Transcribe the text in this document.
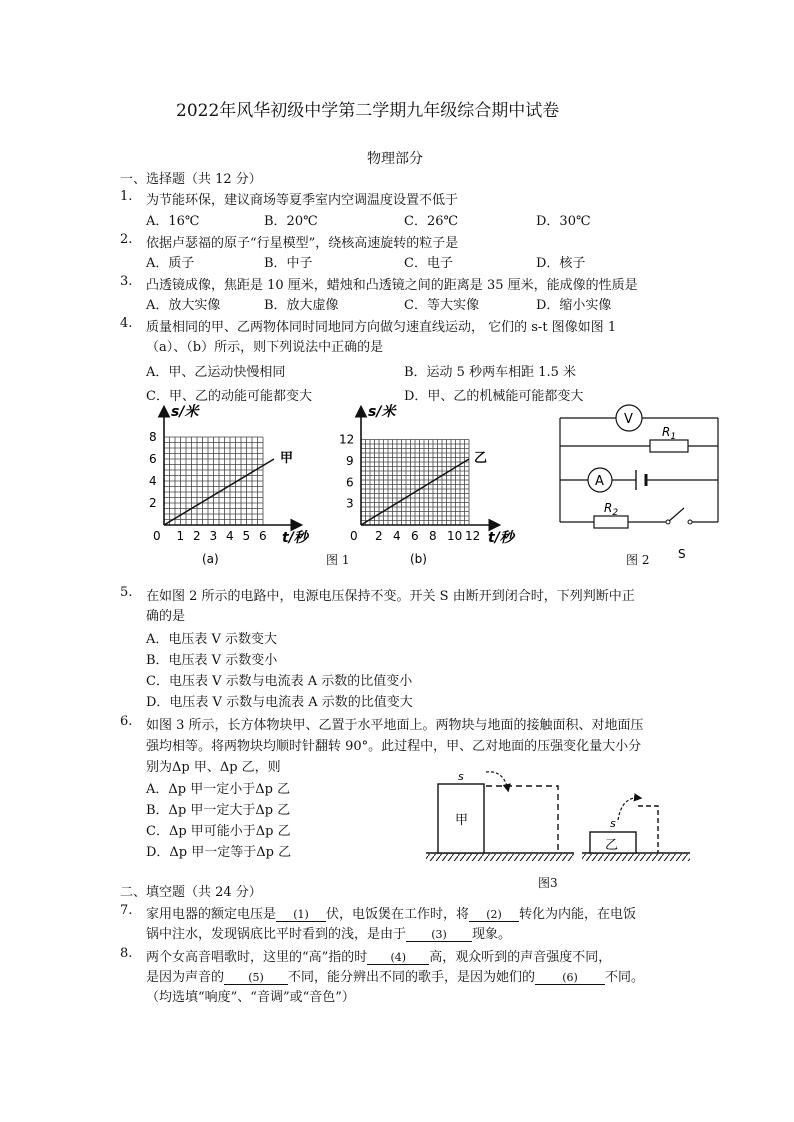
2022年风华初级中学第二学期九年级综合期中试卷
物理部分
一、选择题（共 12 分）
1. 为节能环保，建议商场等夏季室内空调温度设置不低于
A．16℃	B．20℃	C．26℃	D．30℃
2. 依据卢瑟福的原子“行星模型”，绕核高速旋转的粒子是
A．质子	B．中子	C．电子	D．核子
3. 凸透镜成像，焦距是 10 厘米，蜡烛和凸透镜之间的距离是 35 厘米，能成像的性质是
A．放大实像	B．放大虚像	C．等大实像	D．缩小实像
4. 质量相同的甲、乙两物体同时同地同方向做匀速直线运动， 它们的 s-t 图像如图 1
（a）、（b）所示，则下列说法中正确的是
A．甲、乙运动快慢相同	B．运动 5 秒两车相距 1.5 米
C．甲、乙的动能可能都变大	D．甲、乙的机械能可能都变大
s/米
t/秒
甲
0 1 2 3 4 5 6
2
4
6
8
(a)
s/米
t/秒
乙
0 2 4 6 8 10 12
3
6
9
12
(b)
图 1
V
A
$R_1$
$R_2$
S
图 2
5. 在如图 2 所示的电路中，电源电压保持不变。开关 S 由断开到闭合时，下列判断中正
确的是
A．电压表 V 示数变大
B．电压表 V 示数变小
C．电压表 V 示数与电流表 A 示数的比值变小
D．电压表 V 示数与电流表 A 示数的比值变大
6. 如图 3 所示，长方体物块甲、乙置于水平地面上。两物块与地面的接触面积、对地面压
强均相等。将两物块均顺时针翻转 90°。此过程中，甲、乙对地面的压强变化量大小分
别为Δp 甲、Δp 乙，则
A．Δp 甲一定小于Δp 乙
B．Δp 甲一定大于Δp 乙
C．Δp 甲可能小于Δp 乙
D．Δp 甲一定等于Δp 乙
甲
s
乙
s
图3
二、填空题（共 24 分）
7. 家用电器的额定电压是 (1) 伏，电饭煲在工作时，将 (2) 转化为内能，在电饭
锅中注水，发现锅底比平时看到的浅，是由于 (3) 现象。
8. 两个女高音唱歌时，这里的“高”指的时 (4) 高，观众听到的声音强度不同，
是因为声音的 (5) 不同，能分辨出不同的歌手，是因为她们的 (6) 不同。
（均选填“响度”、“音调”或“音色”）
